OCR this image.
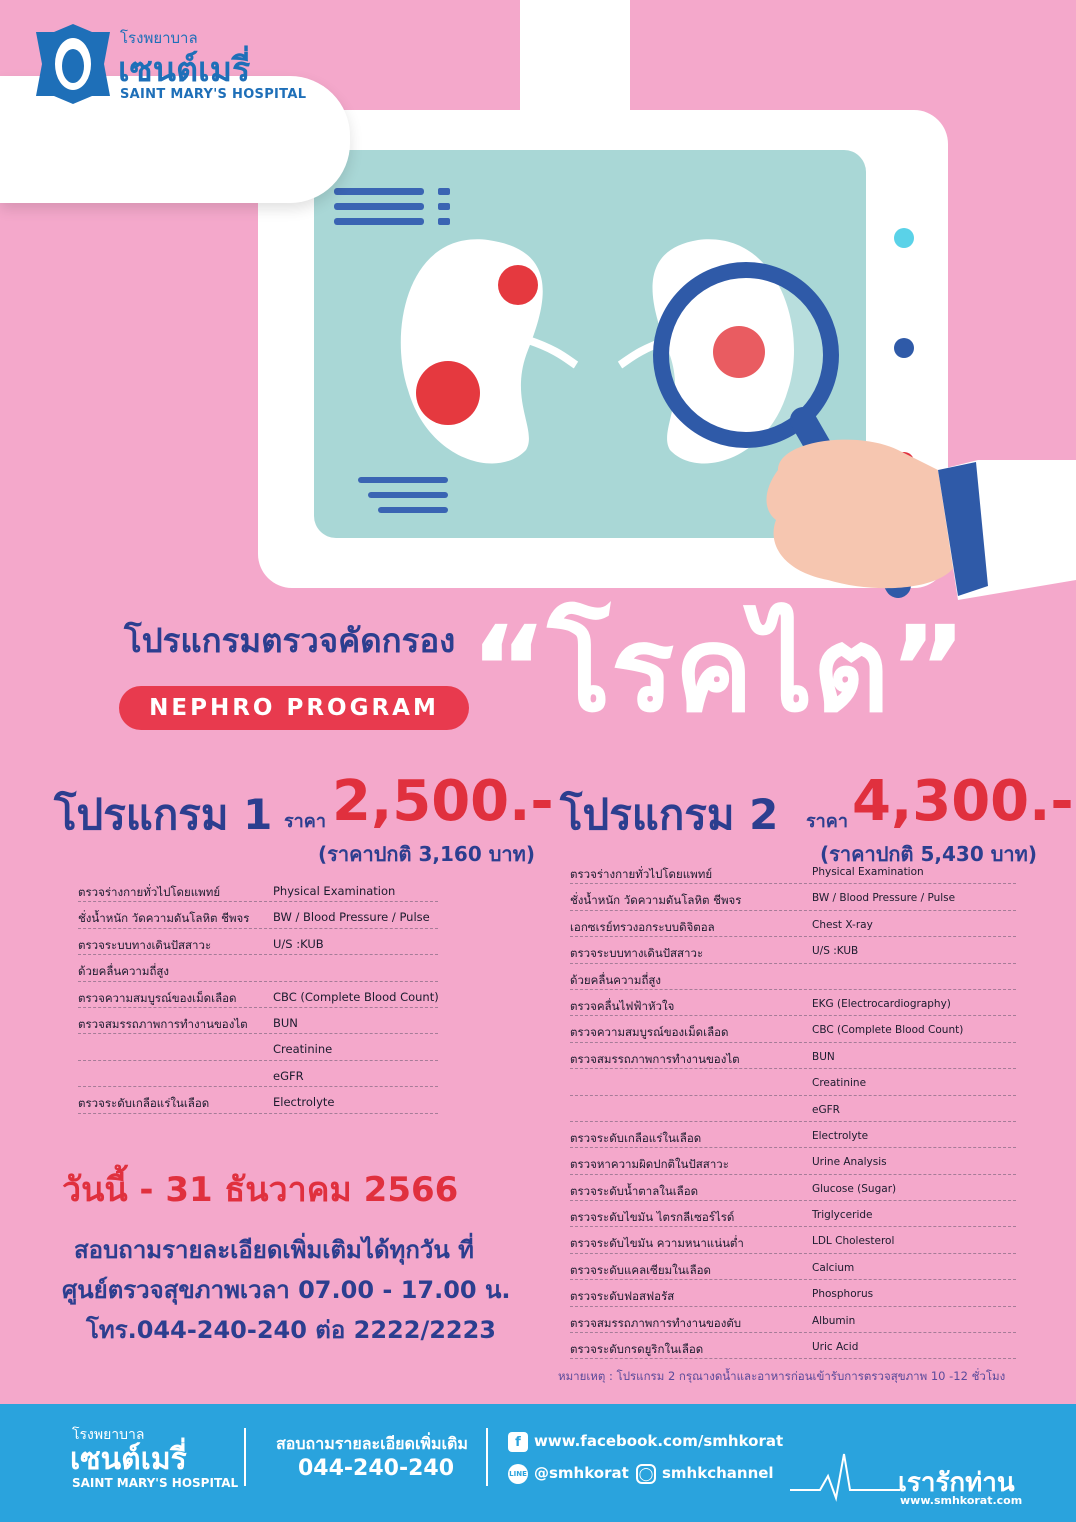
โรงพยาบาล
เซนต์เมรี่
SAINT MARY'S HOSPITAL
โปรแกรมตรวจคัดกรอง
NEPHRO PROGRAM “โรคไต”
โปรแกรม 1 ราคา 2,500.-
(ราคาปกติ 3,160 บาท)
โปรแกรม 2 ราคา 4,300.-
(ราคาปกติ 5,430 บาท)
ตรวจร่างกายทั่วไปโดยแพทย์	Physical Examination
ชั่งน้ำหนัก วัดความดันโลหิต ชีพจร BW / Blood Pressure / Pulse
ตรวจระบบทางเดินปัสสาวะ	U/S :KUB
ด้วยคลื่นความถี่สูง
ตรวจความสมบูรณ์ของเม็ดเลือด	CBC (Complete Blood Count)
ตรวจสมรรถภาพการทำงานของไต BUN
Creatinine
eGFR
ตรวจระดับเกลือแร่ในเลือด	Electrolyte
ตรวจร่างกายทั่วไปโดยแพทย์	Physical Examination
ชั่งน้ำหนัก วัดความดันโลหิต ชีพจร	BW / Blood Pressure / Pulse
เอกซเรย์ทรวงอกระบบดิจิตอล	Chest X-ray
ตรวจระบบทางเดินปัสสาวะ	U/S :KUB
ด้วยคลื่นความถี่สูง
ตรวจคลื่นไฟฟ้าหัวใจ	EKG (Electrocardiography)
ตรวจความสมบูรณ์ของเม็ดเลือด	CBC (Complete Blood Count)
ตรวจสมรรถภาพการทำงานของไต	BUN
Creatinine
eGFR
ตรวจระดับเกลือแร่ในเลือด	Electrolyte
ตรวจหาความผิดปกติในปัสสาวะ	Urine Analysis
ตรวจระดับน้ำตาลในเลือด	Glucose (Sugar)
ตรวจระดับไขมัน ไตรกลีเซอร์ไรด์	Triglyceride
ตรวจระดับไขมัน ความหนาแน่นต่ำ	LDL Cholesterol
ตรวจระดับแคลเซียมในเลือด	Calcium
ตรวจระดับฟอสฟอรัส	Phosphorus
ตรวจสมรรถภาพการทำงานของตับ	Albumin
ตรวจระดับกรดยูริกในเลือด	Uric Acid
หมายเหตุ : โปรแกรม 2 กรุณางดน้ำและอาหารก่อนเข้ารับการตรวจสุขภาพ 10 -12 ชั่วโมง
วันนี้ - 31 ธันวาคม 2566
สอบถามรายละเอียดเพิ่มเติมได้ทุกวัน ที่
ศูนย์ตรวจสุขภาพเวลา 07.00 - 17.00 น.
โทร.044-240-240 ต่อ 2222/2223
โรงพยาบาล
เซนต์เมรี่
SAINT MARY'S HOSPITAL
สอบถามรายละเอียดเพิ่มเติม
044-240-240
f www.facebook.com/smhkorat
LINE @smhkorat ◯ smhkchannel	เรารักท่าน
www.smhkorat.com
